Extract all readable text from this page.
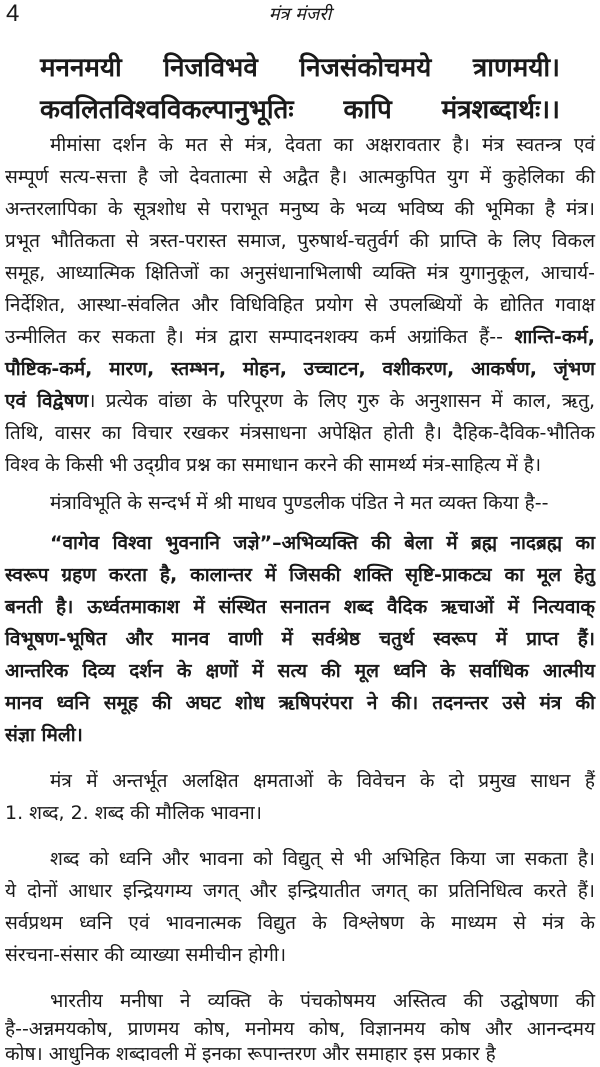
4	मंत्र मंजरी
मननमयी निजविभवे निजसंकोचमये त्राणमयी।
कवलितविश्वविकल्पानुभूतिः कापि मंत्रशब्दार्थः।।
मीमांसा दर्शन के मत से मंत्र, देवता का अक्षरावतार है। मंत्र स्वतन्त्र एवं
सम्पूर्ण सत्य-सत्ता है जो देवतात्मा से अद्वैत है। आत्मकुपित युग में कुहेलिका की
अन्तरलापिका के सूत्रशोध से पराभूत मनुष्य के भव्य भविष्य की भूमिका है मंत्र।
प्रभूत भौतिकता से त्रस्त-परास्त समाज, पुरुषार्थ-चतुर्वर्ग की प्राप्ति के लिए विकल
समूह, आध्यात्मिक क्षितिजों का अनुसंधानाभिलाषी व्यक्ति मंत्र युगानुकूल, आचार्य-
निर्देशित, आस्था-संवलित और विधिविहित प्रयोग से उपलब्धियों के द्योतित गवाक्ष
उन्मीलित कर सकता है। मंत्र द्वारा सम्पादनशक्य कर्म अग्रांकित हैं-- शान्ति-कर्म,
पौष्टिक-कर्म, मारण, स्तम्भन, मोहन, उच्चाटन, वशीकरण, आकर्षण, जृंभण
एवं विद्वेषण। प्रत्येक वांछा के परिपूरण के लिए गुरु के अनुशासन में काल, ऋतु,
तिथि, वासर का विचार रखकर मंत्रसाधना अपेक्षित होती है। दैहिक-दैविक-भौतिक
विश्व के किसी भी उद्ग्रीव प्रश्न का समाधान करने की सामर्थ्य मंत्र-साहित्य में है।
मंत्राविभूति के सन्दर्भ में श्री माधव पुण्डलीक पंडित ने मत व्यक्त किया है--
“वागेव विश्वा भुवनानि जज्ञे”–अभिव्यक्ति की बेला में ब्रह्म नादब्रह्म का
स्वरूप ग्रहण करता है, कालान्तर में जिसकी शक्ति सृष्टि-प्राकट्य का मूल हेतु
बनती है। ऊर्ध्वतमाकाश में संस्थित सनातन शब्द वैदिक ऋचाओं में नित्यवाक्
विभूषण-भूषित और मानव वाणी में सर्वश्रेष्ठ चतुर्थ स्वरूप में प्राप्त हैं।
आन्तरिक दिव्य दर्शन के क्षणों में सत्य की मूल ध्वनि के सर्वाधिक आत्मीय
मानव ध्वनि समूह की अघट शोध ऋषिपरंपरा ने की। तदनन्तर उसे मंत्र की
संज्ञा मिली।
मंत्र में अन्तर्भूत अलक्षित क्षमताओं के विवेचन के दो प्रमुख साधन हैं
1. शब्द, 2. शब्द की मौलिक भावना।
शब्द को ध्वनि और भावना को विद्युत् से भी अभिहित किया जा सकता है।
ये दोनों आधार इन्द्रियगम्य जगत् और इन्द्रियातीत जगत् का प्रतिनिधित्व करते हैं।
सर्वप्रथम ध्वनि एवं भावनात्मक विद्युत के विश्लेषण के माध्यम से मंत्र के
संरचना-संसार की व्याख्या समीचीन होगी।
भारतीय मनीषा ने व्यक्ति के पंचकोषमय अस्तित्व की उद्घोषणा की
है--अन्नमयकोष, प्राणमय कोष, मनोमय कोष, विज्ञानमय कोष और आनन्दमय
कोष। आधुनिक शब्दावली में इनका रूपान्तरण और समाहार इस प्रकार है
